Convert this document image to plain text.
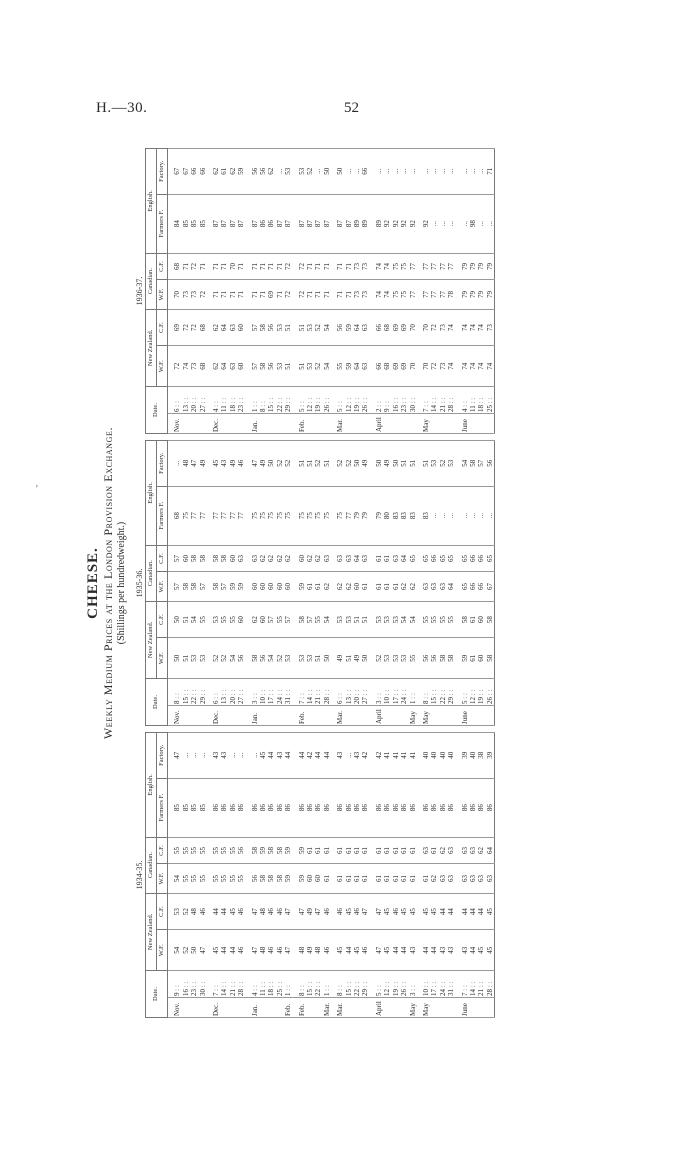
H.—30.	52
'
CHEESE. Weekly Medium Prices at the London Provision Exchange. (Shillings per hundredweight.)
1934-35.
Date.		New Zealand.		Canadian.		English.	
		W.F.	C.F.	W.F.	C.F.	Farmers F.	Factory.
Nov.	9 : :	54	53	54	55	85	47
	16 : :	52	52	55	55	85	...
	23 : :	50	48	55	55	85	...
	30 : :	47	46	55	55	85	...
Dec.	7 : :	45	44	55	55	86	43
	14 : :	44	44	55	55	86	43
	21 : :	44	45	55	55	86	...
	28 : :	46	46	55	56	86	...
Jan.	4 : :	47	47	56	58	86	...
	11 : :	48	48	58	59	86	45
	18 : :	46	46	58	58	86	44
	25 : :	46	46	58	58	86	43
Feb.	1 : :	47	47	59	59	86	44
Feb.	8 : :	48	47	59	59	86	44
	15 : :	49	49	60	61	86	42
	22 : :	48	47	60	61	86	44
Mar.	1 : :	46	46	61	61	86	44
Mar.	8 : :	45	46	61	61	86	43
	15 : :	44	45	61	61	86	...
	22 : :	45	46	61	61	86	43
	29 : :	46	47	61	61	86	42
April	5 : :	47	47	61	61	86	42
	12 : :	45	45	61	61	86	41
	19 : :	44	46	61	61	86	41
	26 : :	44	45	61	61	86	41
May	3 : :	43	45	61	61	86	41
May	10 : :	44	45	61	63	86	40
	17 : :	44	45	62	61	86	40
	24 : :	43	44	63	62	86	40
	31 : :	43	44	63	63	86	40
June	7 : :	43	44	63	63	86	39
	14 : :	44	44	63	63	86	40
	21 : :	45	44	63	62	86	38
	28 : :	45	45	63	64	86	39
1935-36.
Date.		New Zealand.		Canadian.		English.	
		W.F.	C.F.	W.F.	C.F.	Farmers F.	Factory.
Nov.	8 : :	50	50	57	57	68	...
	15 : :	51	51	58	60	75	48
	22 : :	53	54	58	58	77	47
	29 : :	53	55	57	58	77	49
Dec.	6 : :	52	53	58	58	77	45
	13 : :	52	55	57	58	77	43
	20 : :	54	55	59	60	77	49
	27 : :	56	60	59	63	77	46
Jan.	3 : :	58	62	60	63	75	47
	10 : :	56	60	60	62	75	49
	17 : :	54	57	60	62	75	50
	24 : :	52	55	60	62	75	52
	31 : :	53	57	60	62	75	52
Feb.	7 : :	53	58	59	60	75	51
	14 : :	53	57	61	62	75	51
	21 : :	51	55	61	62	75	52
	28 : :	50	54	62	63	75	51
Mar.	6 : :	49	53	62	63	75	52
	13 : :	51	53	62	63	77	52
	20 : :	49	51	60	64	79	50
	27 : :	50	51	61	63	79	49
April	3 : :	52	53	61	61	79	50
	10 : :	53	53	61	61	80	49
	17 : :	53	53	61	63	83	50
	24 : :	53	54	62	64	83	51
May	1 : :	55	54	62	65	83	51
May	8 : :	56	55	63	65	83	51
	15 : :	56	55	63	66	...	53
	22 : :	58	55	63	65	...	52
	29 : :	58	55	64	65	...	53
June	5 : :	59	58	65	65	...	54
	12 : :	61	61	66	66	...	58
	19 : :	60	60	66	66	...	57
	26 : :	58	58	67	65	...	56
1936-37.
Date.		New Zealand.		Canadian.		English.	
		W.F.	C.F.	W.F.	C.F.	Farmers F.	Factory.
Nov.	6 : :	72	69	70	68	84	67
	13 : :	74	72	73	71	85	67
	20 : :	73	72	73	72	85	66
	27 : :	68	68	72	71	85	66
Dec.	4 : :	62	62	71	71	87	62
	11 : :	64	64	71	71	87	61
	18 : :	63	63	71	70	87	62
	23 : :	60	60	71	71	87	59
Jan.	1 : :	57	57	71	71	87	56
	8 : :	58	58	71	71	86	56
	15 : :	56	56	69	71	86	62
	22 : :	53	53	71	71	87	...
	29 : :	51	51	72	72	87	53
Feb.	5 : :	51	51	72	72	87	53
	12 : :	53	53	71	71	87	52
	19 : :	52	52	71	71	87	...
	26 : :	54	54	71	71	87	50
Mar.	5 : :	55	56	71	71	87	50
	12 : :	59	59	71	71	87	...
	19 : :	64	64	73	73	89	...
	26 : :	63	63	73	73	89	66
April	2 : :	66	66	74	74	89	...
	9 : :	68	68	74	74	92	...
	16 : :	69	69	75	75	92	...
	23 : :	69	69	75	75	92	...
	30 : :	70	70	77	77	92	...
May	7 : :	70	70	77	77	92	...
	14 : :	72	72	77	77	...	...
	21 : :	73	73	77	77	...	...
	28 : :	74	74	78	77	...	...
June	4 : :	74	74	79	79	...	...
	11 : :	74	74	79	79	98	...
	18 : :	74	74	79	79	...	...
	25 : :	74	73	79	79	...	71
